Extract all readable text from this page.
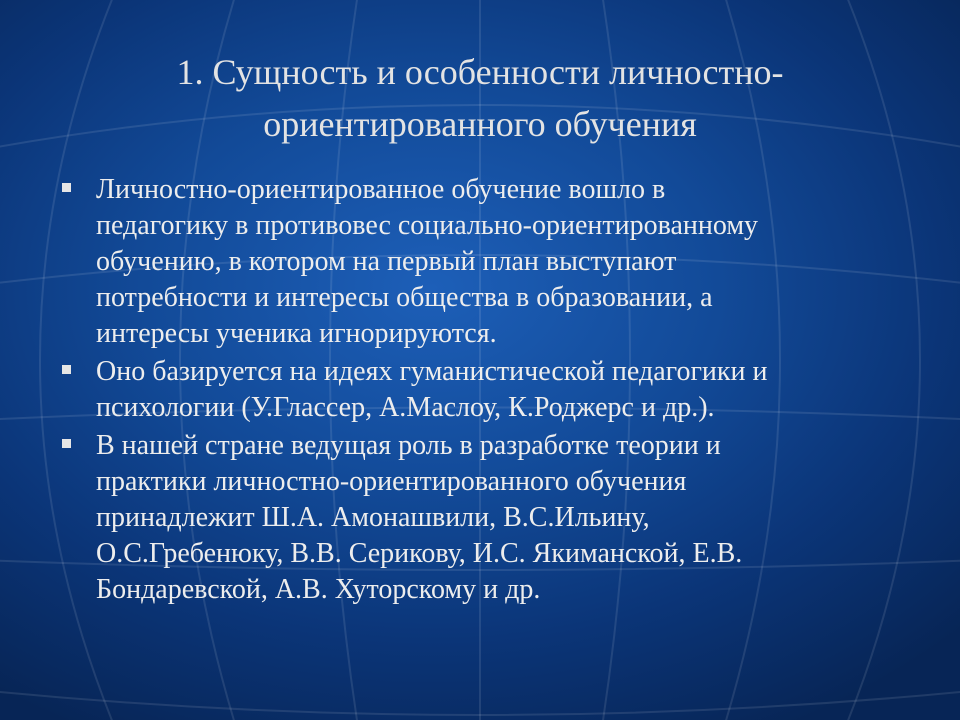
1. Сущность и особенности личностно-
ориентированного обучения
Личностно-ориентированное обучение вошло в
педагогику в противовес социально-ориентированному
обучению, в котором на первый план выступают
потребности и интересы общества в образовании, а
интересы ученика игнорируются.
Оно базируется на идеях гуманистической педагогики и
психологии (У.Глассер, А.Маслоу, К.Роджерс и др.).
В нашей стране ведущая роль в разработке теории и
практики личностно-ориентированного обучения
принадлежит Ш.А. Амонашвили, В.С.Ильину,
О.С.Гребенюку, В.В. Серикову, И.С. Якиманской, Е.В.
Бондаревской, А.В. Хуторскому и др.
